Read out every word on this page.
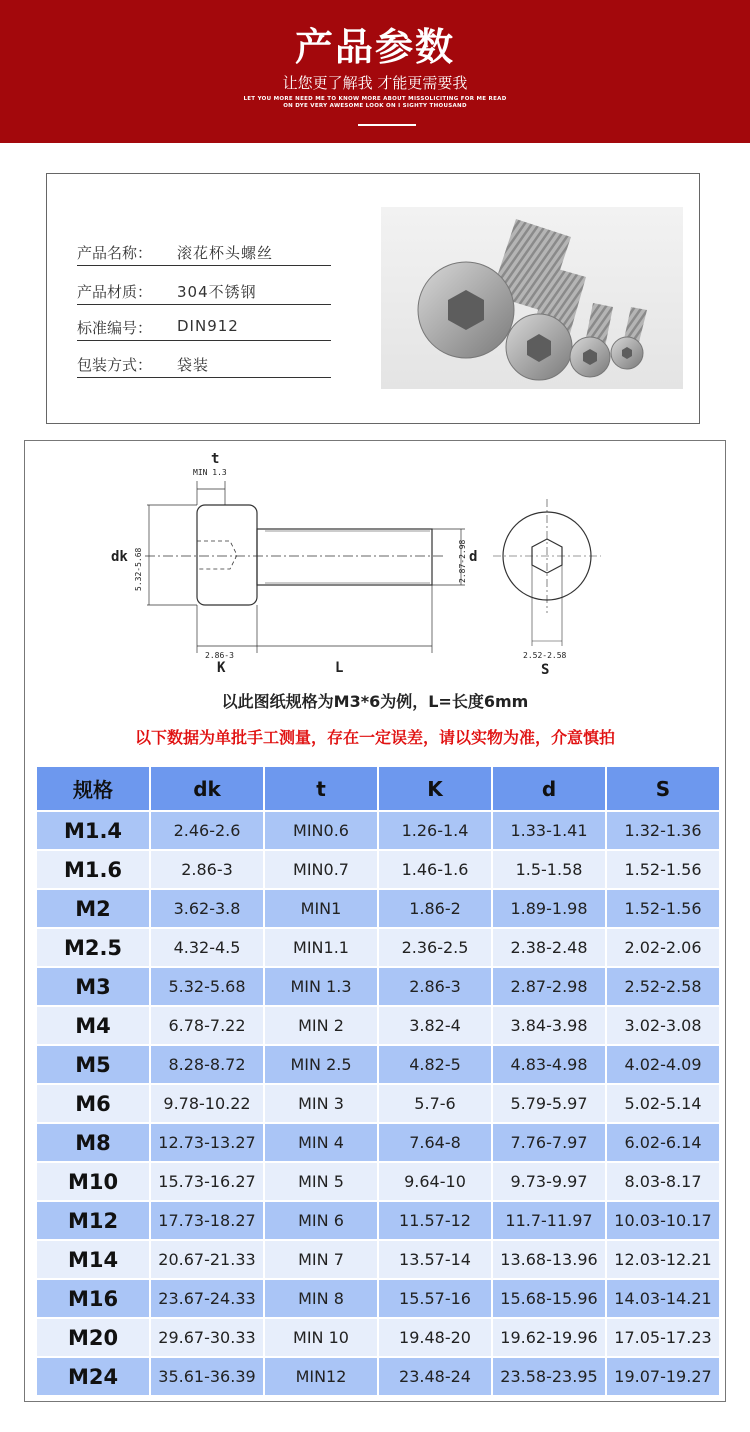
产品参数
让您更了解我 才能更需要我
LET YOU MORE NEED ME TO KNOW MORE ABOUT MISSOLICITING FOR ME READ
ON DYE VERY AWESOME LOOK ON I SIGHTY THOUSAND
产品名称： 滚花杯头螺丝
产品材质： 304不锈钢
标准编号： DIN912
包装方式： 袋装
t
MIN 1.3
dk 5.32-5.68	d
2.87-2.98
2.86-3
K	L
2.52-2.58
S
以此图纸规格为M3*6为例，L=长度6mm
以下数据为单批手工测量，存在一定误差，请以实物为准，介意慎拍
规格	dk	t	K	d	S
M1.4	2.46-2.6	MIN0.6	1.26-1.4	1.33-1.41	1.32-1.36
M1.6	2.86-3	MIN0.7	1.46-1.6	1.5-1.58	1.52-1.56
M2	3.62-3.8	MIN1	1.86-2	1.89-1.98	1.52-1.56
M2.5	4.32-4.5	MIN1.1	2.36-2.5	2.38-2.48	2.02-2.06
M3	5.32-5.68	MIN 1.3	2.86-3	2.87-2.98	2.52-2.58
M4	6.78-7.22	MIN 2	3.82-4	3.84-3.98	3.02-3.08
M5	8.28-8.72	MIN 2.5	4.82-5	4.83-4.98	4.02-4.09
M6	9.78-10.22	MIN 3	5.7-6	5.79-5.97	5.02-5.14
M8	12.73-13.27	MIN 4	7.64-8	7.76-7.97	6.02-6.14
M10	15.73-16.27	MIN 5	9.64-10	9.73-9.97	8.03-8.17
M12	17.73-18.27	MIN 6	11.57-12	11.7-11.97	10.03-10.17
M14	20.67-21.33	MIN 7	13.57-14	13.68-13.96	12.03-12.21
M16	23.67-24.33	MIN 8	15.57-16	15.68-15.96	14.03-14.21
M20	29.67-30.33	MIN 10	19.48-20	19.62-19.96	17.05-17.23
M24	35.61-36.39	MIN12	23.48-24	23.58-23.95	19.07-19.27
